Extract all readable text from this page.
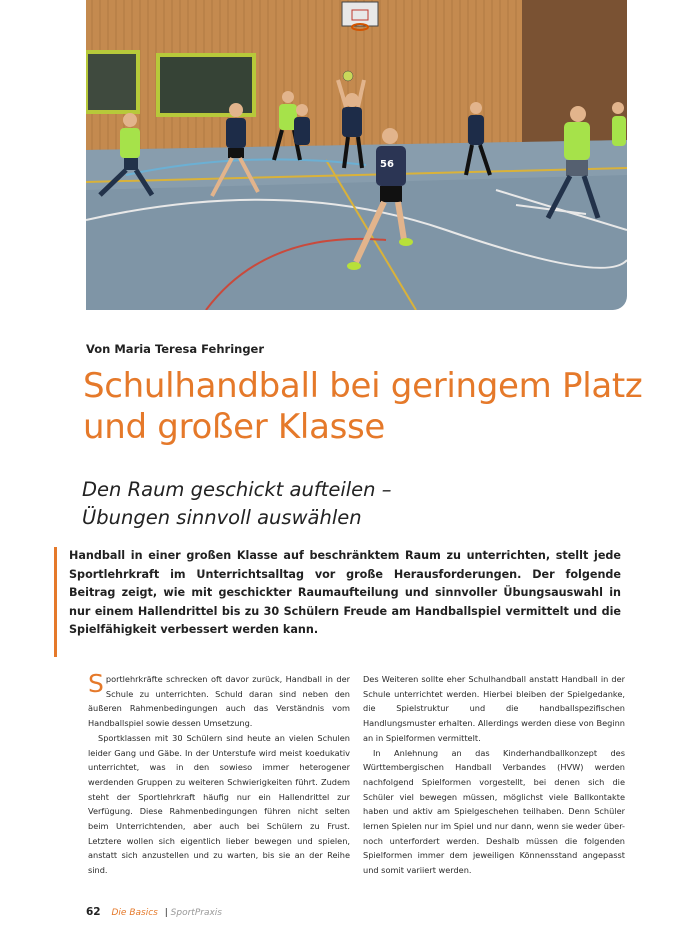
56
Von Maria Teresa Fehringer
Schulhandball bei geringem Platz und großer Klasse
Den Raum geschickt aufteilen –
Übungen sinnvoll auswählen

Handball in einer großen Klasse auf beschränktem Raum zu unterrichten, stellt jede Sportlehrkraft im Unterrichtsalltag vor große Herausforderungen. Der folgende Beitrag zeigt, wie mit geschickter Raumaufteilung und sinnvoller Übungsauswahl in nur einem Hallendrittel bis zu 30 Schülern Freude am Handballspiel vermittelt und die Spielfähigkeit verbessert werden kann.

Sportlehrkräfte schrecken oft davor zurück, Handball in der Schule zu unterrichten. Schuld daran sind neben den äußeren Rahmenbedingungen auch das Verständnis vom Handballspiel sowie dessen Umsetzung.

Sportklassen mit 30 Schülern sind heute an vielen Schulen leider Gang und Gäbe. In der Unterstufe wird meist koedukativ unterrichtet, was in den sowieso immer heterogener werdenden Gruppen zu weiteren Schwierigkeiten führt. Zudem steht der Sportlehrkraft häufig nur ein Hallendrittel zur Verfügung. Diese Rahmenbedingungen führen nicht selten beim Unterrichtenden, aber auch bei Schülern zu Frust. Letztere wollen sich eigentlich lieber bewegen und spielen, anstatt sich anzustellen und zu warten, bis sie an der Reihe sind.

Des Weiteren sollte eher Schulhandball anstatt Handball in der Schule unterrichtet werden. Hierbei bleiben der Spielgedanke, die Spielstruktur und die handballspezifischen Handlungsmuster erhalten. Allerdings werden diese von Beginn an in Spielformen vermittelt.

In Anlehnung an das Kinderhandballkonzept des Württembergischen Handball Verbandes (HVW) werden nachfolgend Spielformen vorgestellt, bei denen sich die Schüler viel bewegen müssen, möglichst viele Ballkontakte haben und aktiv am Spielgeschehen teilhaben. Denn Schüler lernen Spielen nur im Spiel und nur dann, wenn sie weder über- noch unterfordert werden. Deshalb müssen die folgenden Spielformen immer dem jeweiligen Könnensstand angepasst und somit variiert werden.

62 Die Basics | SportPraxis
